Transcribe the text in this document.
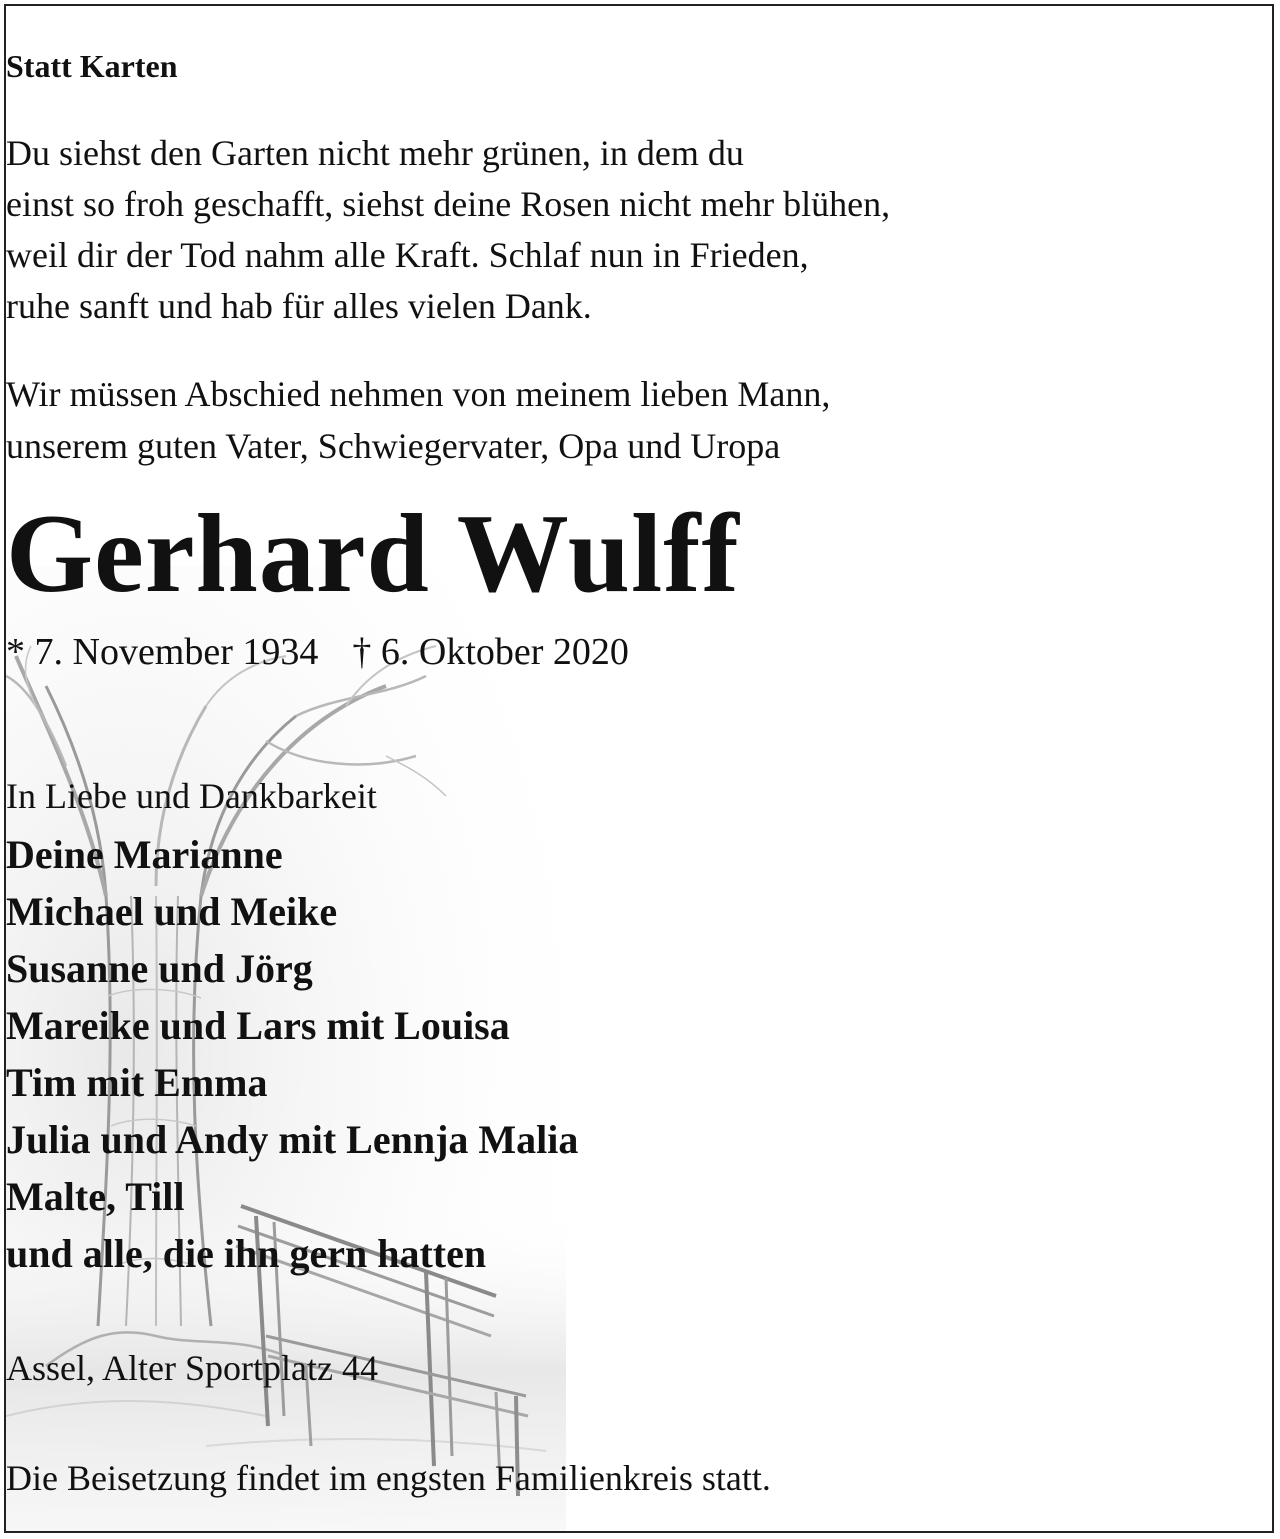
Statt Karten
Du siehst den Garten nicht mehr grünen, in dem du
einst so froh geschafft, siehst deine Rosen nicht mehr blühen,
weil dir der Tod nahm alle Kraft. Schlaf nun in Frieden,
ruhe sanft und hab für alles vielen Dank.
Wir müssen Abschied nehmen von meinem lieben Mann,
unserem guten Vater, Schwiegervater, Opa und Uropa
Gerhard Wulff
* 7. November 1934 † 6. Oktober 2020
In Liebe und Dankbarkeit
Deine Marianne
Michael und Meike
Susanne und Jörg
Mareike und Lars mit Louisa
Tim mit Emma
Julia und Andy mit Lennja Malia
Malte, Till
und alle, die ihn gern hatten
Assel, Alter Sportplatz 44
Die Beisetzung findet im engsten Familienkreis statt.
